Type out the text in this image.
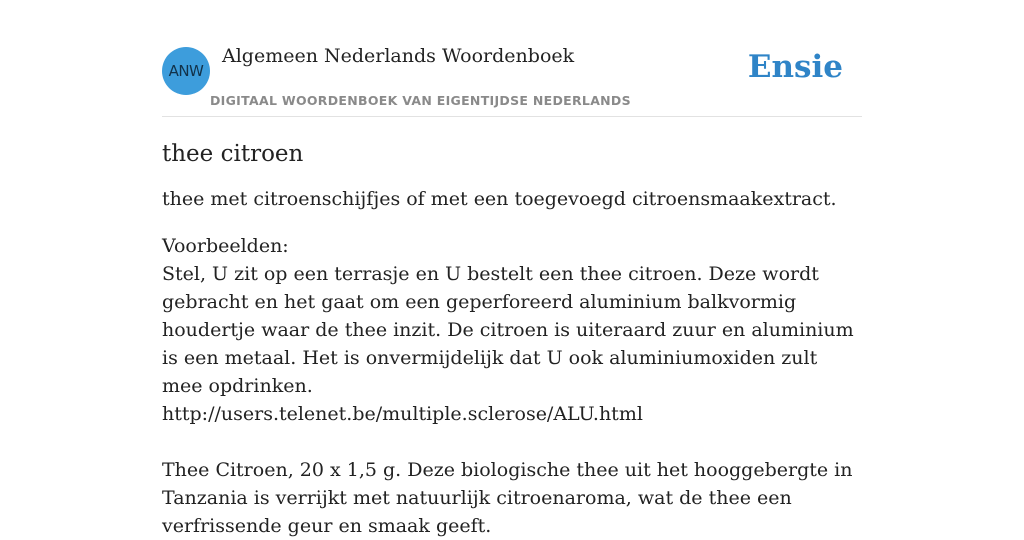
ANW
Algemeen Nederlands Woordenboek
DIGITAAL WOORDENBOEK VAN EIGENTIJDSE NEDERLANDS
Ensie
thee citroen

thee met citroenschijfjes of met een toegevoegd citroensmaakextract.

Voorbeelden:

Stel, U zit op een terrasje en U bestelt een thee citroen. Deze wordt gebracht en het gaat om een geperforeerd aluminium balkvormig houdertje waar de thee inzit. De citroen is uiteraard zuur en aluminium is een metaal. Het is onvermijdelijk dat U ook aluminiumoxiden zult mee opdrinken.

http://users.telenet.be/multiple.sclerose/ALU.html

Thee Citroen, 20 x 1,5 g. Deze biologische thee uit het hooggebergte in Tanzania is verrijkt met natuurlijk citroenaroma, wat de thee een verfrissende geur en smaak geeft.
